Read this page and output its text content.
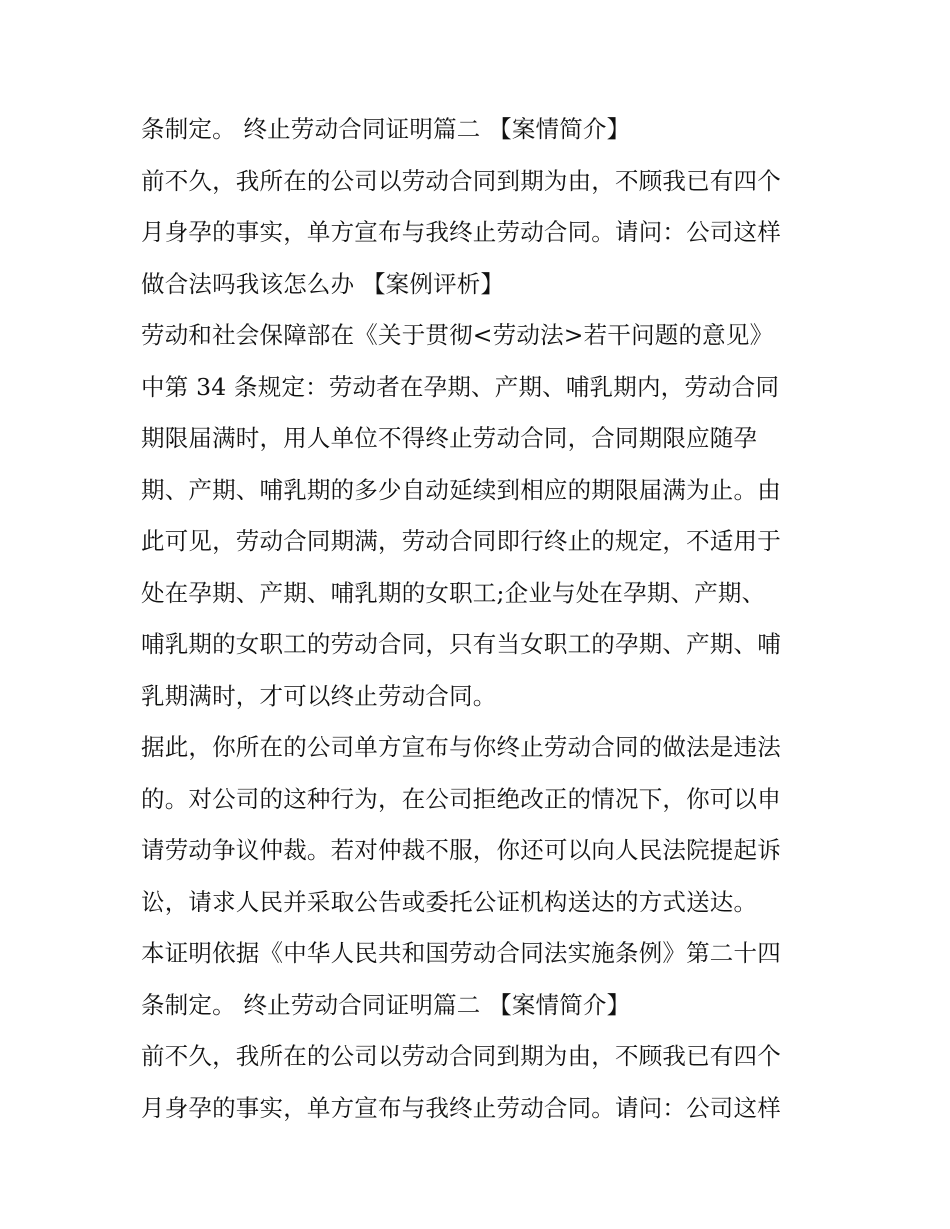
条制定。 终止劳动合同证明篇二 【案情简介】
前不久，我所在的公司以劳动合同到期为由，不顾我已有四个
月身孕的事实，单方宣布与我终止劳动合同。请问：公司这样
做合法吗我该怎么办 【案例评析】
劳动和社会保障部在《关于贯彻<劳动法>若干问题的意见》
中第 34 条规定：劳动者在孕期、产期、哺乳期内，劳动合同
期限届满时，用人单位不得终止劳动合同，合同期限应随孕
期、产期、哺乳期的多少自动延续到相应的期限届满为止。由
此可见，劳动合同期满，劳动合同即行终止的规定，不适用于
处在孕期、产期、哺乳期的女职工;企业与处在孕期、产期、
哺乳期的女职工的劳动合同，只有当女职工的孕期、产期、哺
乳期满时，才可以终止劳动合同。
据此，你所在的公司单方宣布与你终止劳动合同的做法是违法
的。对公司的这种行为，在公司拒绝改正的情况下，你可以申
请劳动争议仲裁。若对仲裁不服，你还可以向人民法院提起诉
讼，请求人民并采取公告或委托公证机构送达的方式送达。
本证明依据《中华人民共和国劳动合同法实施条例》第二十四
条制定。 终止劳动合同证明篇二 【案情简介】
前不久，我所在的公司以劳动合同到期为由，不顾我已有四个
月身孕的事实，单方宣布与我终止劳动合同。请问：公司这样
